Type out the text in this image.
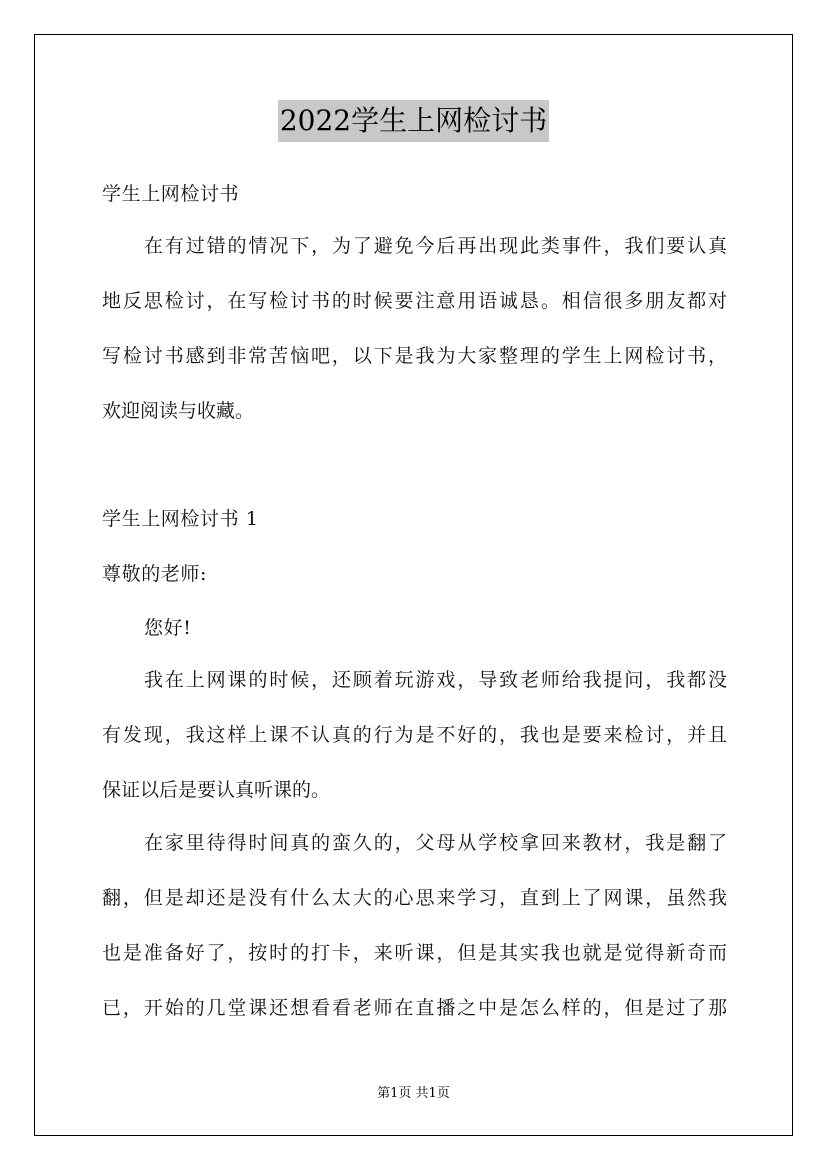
2022学生上网检讨书

学生上网检讨书

在有过错的情况下，为了避免今后再出现此类事件，我们要认真
地反思检讨，在写检讨书的时候要注意用语诚恳。相信很多朋友都对
写检讨书感到非常苦恼吧，以下是我为大家整理的学生上网检讨书，
欢迎阅读与收藏。

学生上网检讨书 1

尊敬的老师:

您好!

我在上网课的时候，还顾着玩游戏，导致老师给我提问，我都没
有发现，我这样上课不认真的行为是不好的，我也是要来检讨，并且
保证以后是要认真听课的。
在家里待得时间真的蛮久的，父母从学校拿回来教材，我是翻了
翻，但是却还是没有什么太大的心思来学习，直到上了网课，虽然我
也是准备好了，按时的打卡，来听课，但是其实我也就是觉得新奇而
已，开始的几堂课还想看看老师在直播之中是怎么样的，但是过了那
第1页 共1页
